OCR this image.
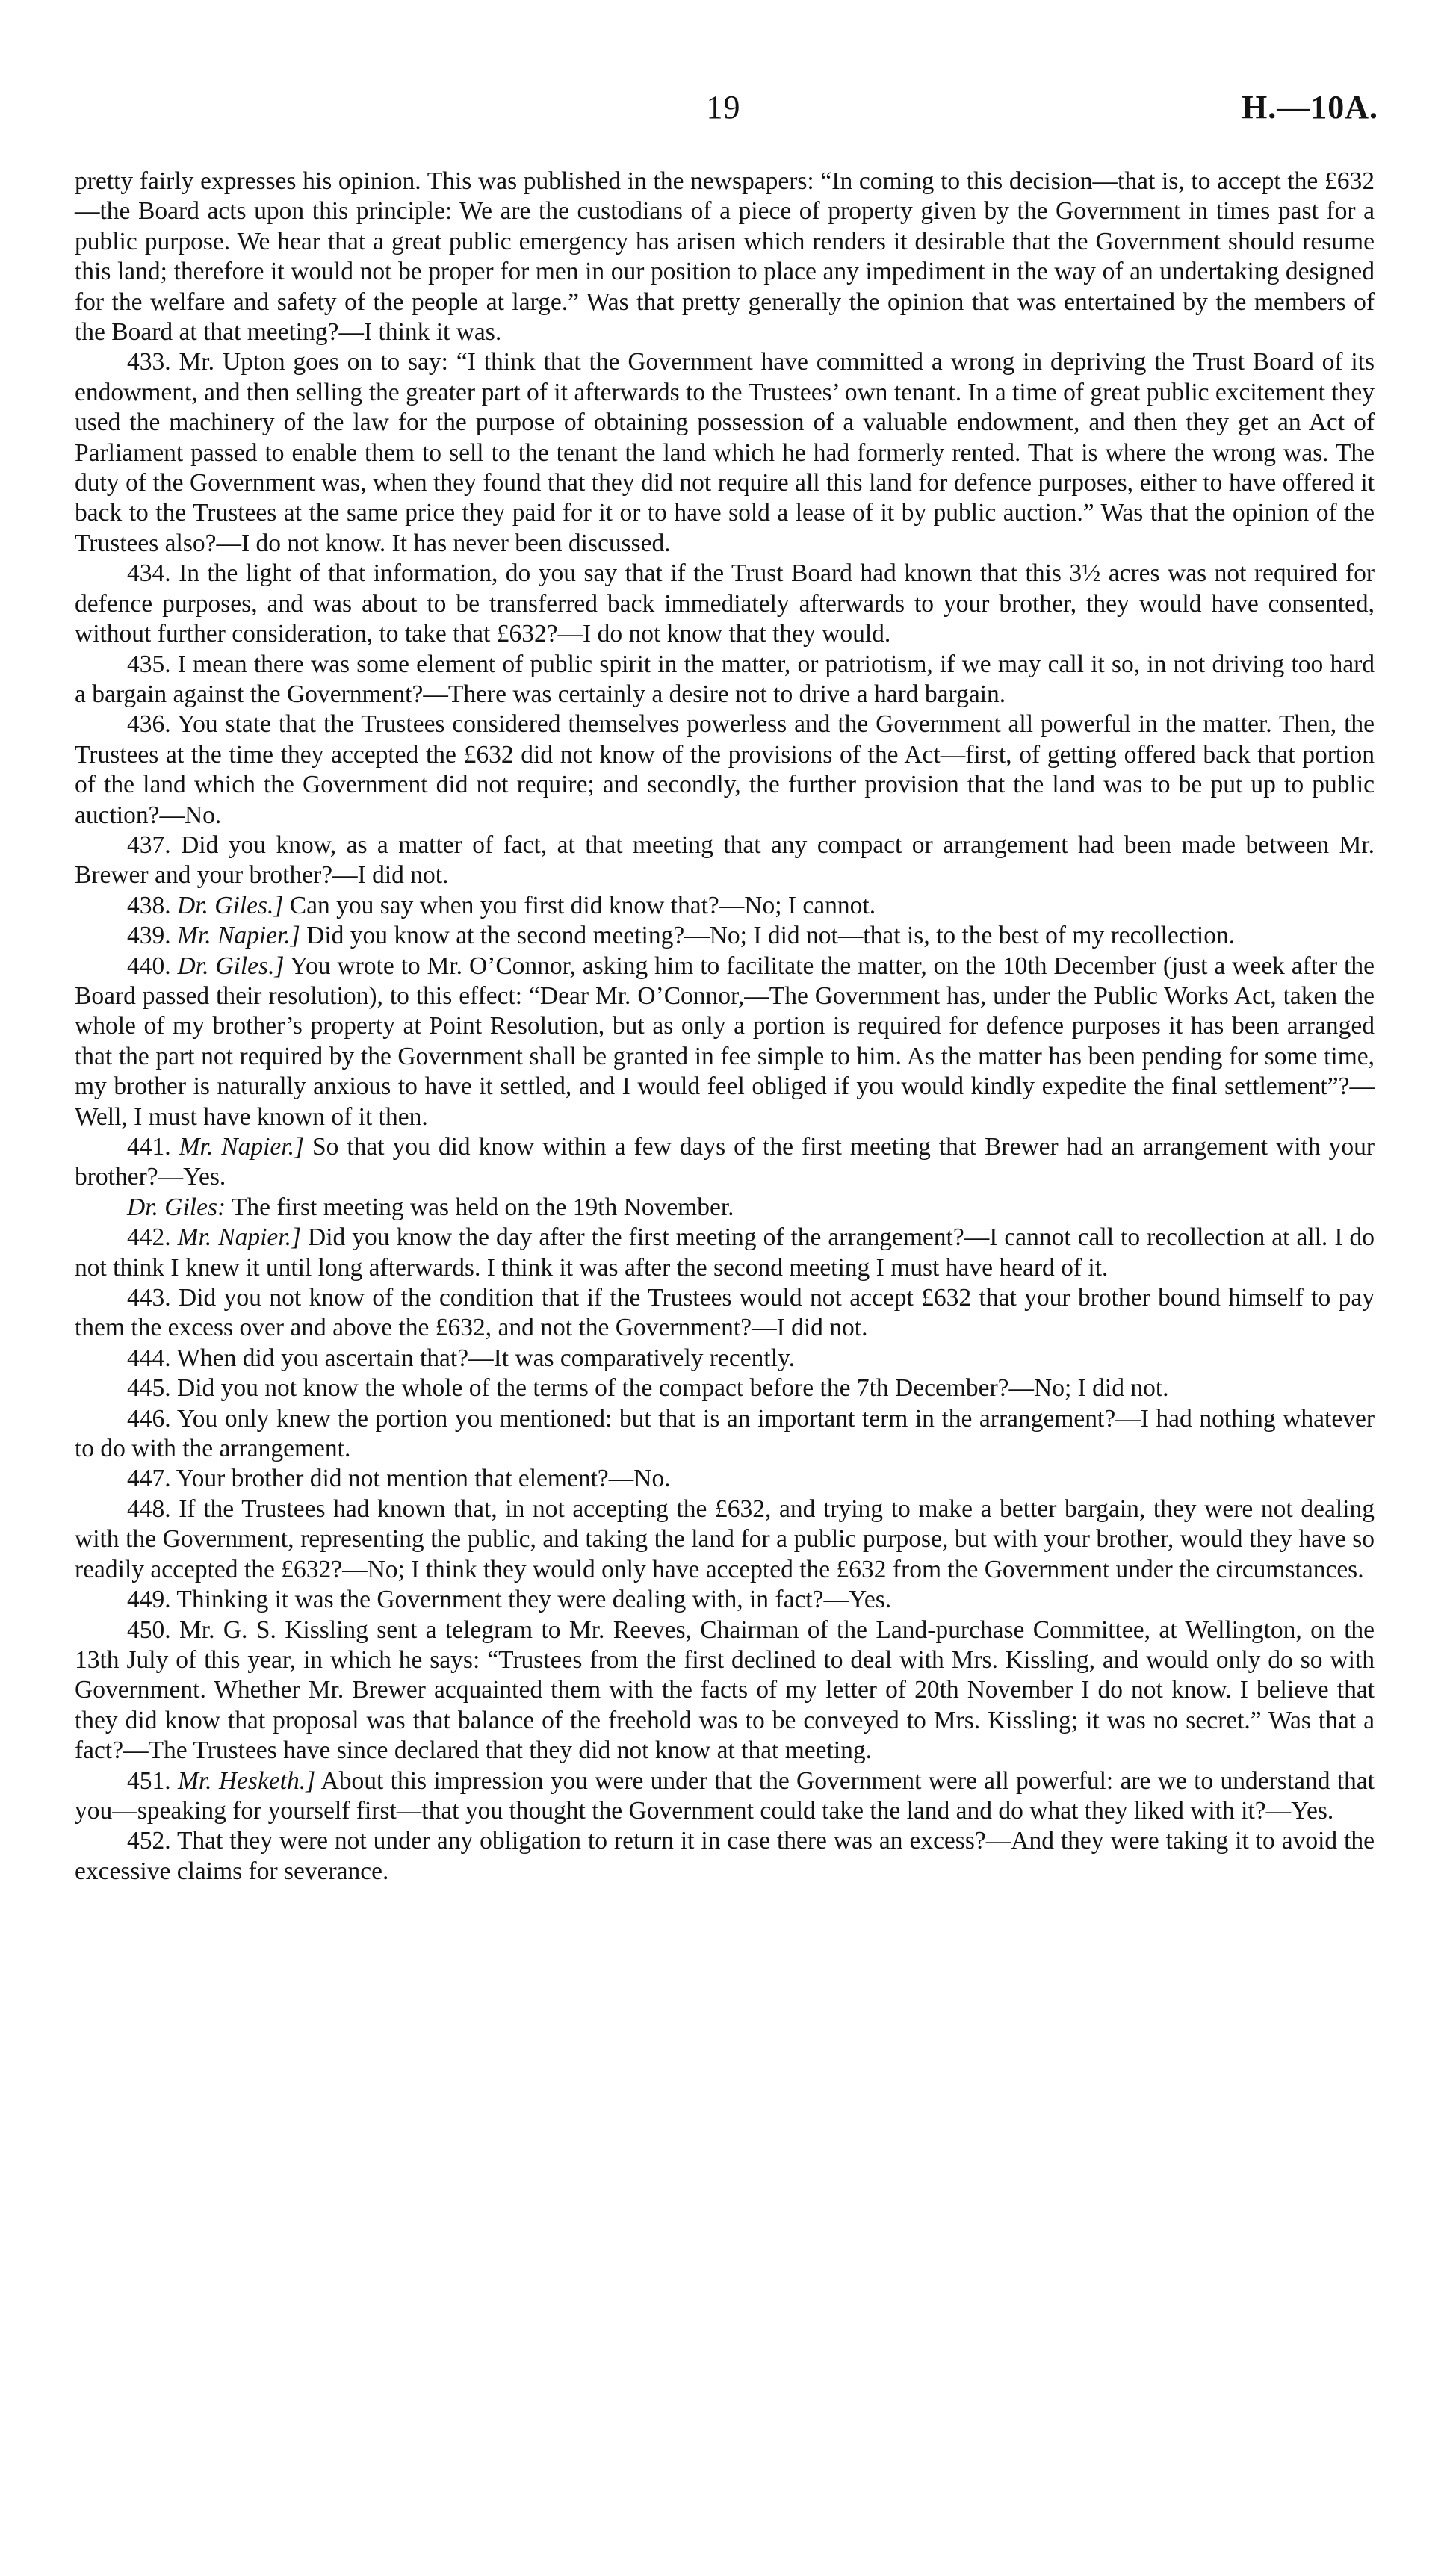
19	H.—10A.

pretty fairly expresses his opinion. This was published in the newspapers: “In coming to this decision—that is, to accept the £632—the Board acts upon this principle: We are the custodians of a piece of property given by the Government in times past for a public purpose. We hear that a great public emergency has arisen which renders it desirable that the Government should resume this land; therefore it would not be proper for men in our position to place any impediment in the way of an undertaking designed for the welfare and safety of the people at large.” Was that pretty generally the opinion that was entertained by the members of the Board at that meeting?—I think it was.

433. Mr. Upton goes on to say: “I think that the Government have committed a wrong in depriving the Trust Board of its endowment, and then selling the greater part of it afterwards to the Trustees’ own tenant. In a time of great public excitement they used the machinery of the law for the purpose of obtaining possession of a valuable endowment, and then they get an Act of Parliament passed to enable them to sell to the tenant the land which he had formerly rented. That is where the wrong was. The duty of the Government was, when they found that they did not require all this land for defence purposes, either to have offered it back to the Trustees at the same price they paid for it or to have sold a lease of it by public auction.” Was that the opinion of the Trustees also?—I do not know. It has never been discussed.

434. In the light of that information, do you say that if the Trust Board had known that this 3½ acres was not required for defence purposes, and was about to be transferred back immediately afterwards to your brother, they would have consented, without further consideration, to take that £632?—I do not know that they would.

435. I mean there was some element of public spirit in the matter, or patriotism, if we may call it so, in not driving too hard a bargain against the Government?—There was certainly a desire not to drive a hard bargain.

436. You state that the Trustees considered themselves powerless and the Government all powerful in the matter. Then, the Trustees at the time they accepted the £632 did not know of the provisions of the Act—first, of getting offered back that portion of the land which the Government did not require; and secondly, the further provision that the land was to be put up to public auction?—No.

437. Did you know, as a matter of fact, at that meeting that any compact or arrangement had been made between Mr. Brewer and your brother?—I did not.

438. Dr. Giles.] Can you say when you first did know that?—No; I cannot.

439. Mr. Napier.] Did you know at the second meeting?—No; I did not—that is, to the best of my recollection.

440. Dr. Giles.] You wrote to Mr. O’Connor, asking him to facilitate the matter, on the 10th December (just a week after the Board passed their resolution), to this effect: “Dear Mr. O’Connor,—The Government has, under the Public Works Act, taken the whole of my brother’s property at Point Resolution, but as only a portion is required for defence purposes it has been arranged that the part not required by the Government shall be granted in fee simple to him. As the matter has been pending for some time, my brother is naturally anxious to have it settled, and I would feel obliged if you would kindly expedite the final settlement”?—Well, I must have known of it then.

441. Mr. Napier.] So that you did know within a few days of the first meeting that Brewer had an arrangement with your brother?—Yes.

Dr. Giles: The first meeting was held on the 19th November.

442. Mr. Napier.] Did you know the day after the first meeting of the arrangement?—I cannot call to recollection at all. I do not think I knew it until long afterwards. I think it was after the second meeting I must have heard of it.

443. Did you not know of the condition that if the Trustees would not accept £632 that your brother bound himself to pay them the excess over and above the £632, and not the Government?—I did not.

444. When did you ascertain that?—It was comparatively recently.

445. Did you not know the whole of the terms of the compact before the 7th December?—No; I did not.

446. You only knew the portion you mentioned: but that is an important term in the arrangement?—I had nothing whatever to do with the arrangement.

447. Your brother did not mention that element?—No.

448. If the Trustees had known that, in not accepting the £632, and trying to make a better bargain, they were not dealing with the Government, representing the public, and taking the land for a public purpose, but with your brother, would they have so readily accepted the £632?—No; I think they would only have accepted the £632 from the Government under the circumstances.

449. Thinking it was the Government they were dealing with, in fact?—Yes.

450. Mr. G. S. Kissling sent a telegram to Mr. Reeves, Chairman of the Land-purchase Committee, at Wellington, on the 13th July of this year, in which he says: “Trustees from the first declined to deal with Mrs. Kissling, and would only do so with Government. Whether Mr. Brewer acquainted them with the facts of my letter of 20th November I do not know. I believe that they did know that proposal was that balance of the freehold was to be conveyed to Mrs. Kissling; it was no secret.” Was that a fact?—The Trustees have since declared that they did not know at that meeting.

451. Mr. Hesketh.] About this impression you were under that the Government were all powerful: are we to understand that you—speaking for yourself first—that you thought the Government could take the land and do what they liked with it?—Yes.

452. That they were not under any obligation to return it in case there was an excess?—And they were taking it to avoid the excessive claims for severance.
